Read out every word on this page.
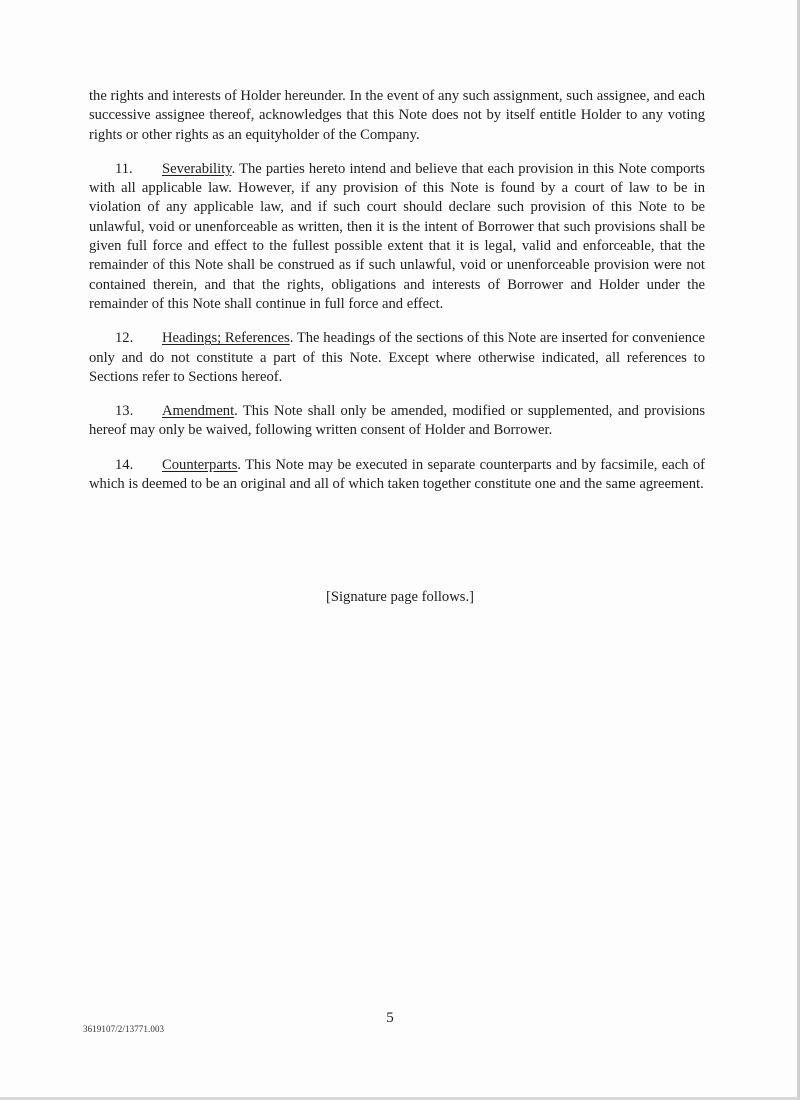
the rights and interests of Holder hereunder. In the event of any such assignment, such assignee, and each successive assignee thereof, acknowledges that this Note does not by itself entitle Holder to any voting rights or other rights as an equityholder of the Company.

11. Severability. The parties hereto intend and believe that each provision in this Note comports with all applicable law. However, if any provision of this Note is found by a court of law to be in violation of any applicable law, and if such court should declare such provision of this Note to be unlawful, void or unenforceable as written, then it is the intent of Borrower that such provisions shall be given full force and effect to the fullest possible extent that it is legal, valid and enforceable, that the remainder of this Note shall be construed as if such unlawful, void or unenforceable provision were not contained therein, and that the rights, obligations and interests of Borrower and Holder under the remainder of this Note shall continue in full force and effect.

12. Headings; References. The headings of the sections of this Note are inserted for convenience only and do not constitute a part of this Note. Except where otherwise indicated, all references to Sections refer to Sections hereof.

13. Amendment. This Note shall only be amended, modified or supplemented, and provisions hereof may only be waived, following written consent of Holder and Borrower.

14. Counterparts. This Note may be executed in separate counterparts and by facsimile, each of which is deemed to be an original and all of which taken together constitute one and the same agreement.

[Signature page follows.]
5
3619107/2/13771.003
